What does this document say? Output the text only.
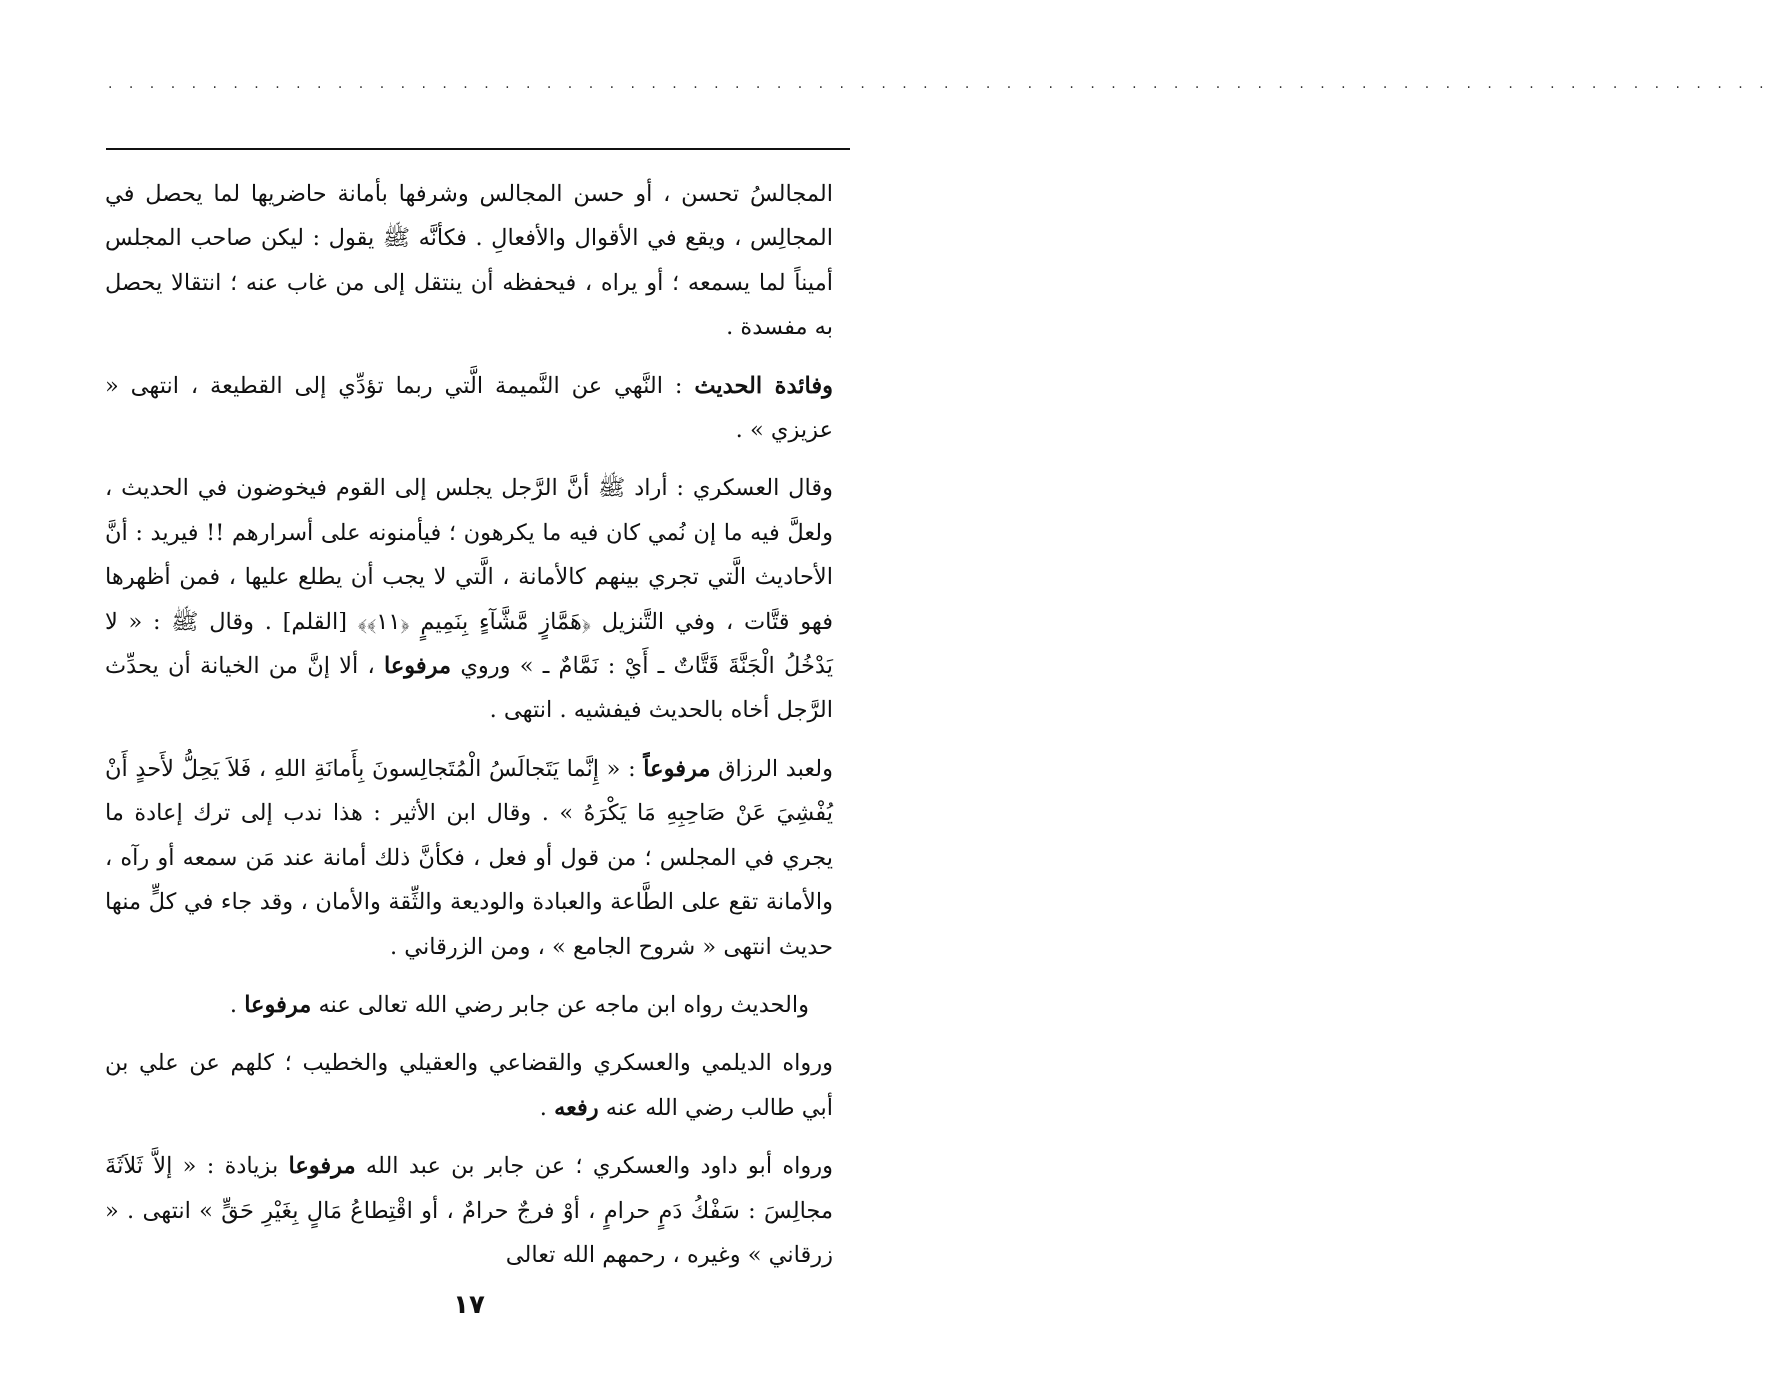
· · · · · · · · · · · · · · · · · · · · · · · · · · · · · · · · · · · · · · · · · · · · · · · · · · · · · · · · · · · · · · · · · · · · · · · · · · · · · · · ·

المجالسُ تحسن ، أو حسن المجالس وشرفها بأمانة حاضريها لما يحصل في المجالِس ، ويقع في الأقوال والأفعالِ . فكأنَّه ﷺ يقول : ليكن صاحب المجلس أميناً لما يسمعه ؛ أو يراه ، فيحفظه أن ينتقل إلى من غاب عنه ؛ انتقالا يحصل به مفسدة .

وفائدة الحديث : النَّهي عن النَّميمة الَّتي ربما تؤدِّي إلى القطيعة ، انتهى « عزيزي » .

وقال العسكري : أراد ﷺ أنَّ الرَّجل يجلس إلى القوم فيخوضون في الحديث ، ولعلَّ فيه ما إن نُمي كان فيه ما يكرهون ؛ فيأمنونه على أسرارهم !! فيريد : أنَّ الأحاديث الَّتي تجري بينهم كالأمانة ، الَّتي لا يجب أن يطلع عليها ، فمن أظهرها فهو قتَّات ، وفي التَّنزيل ﴿هَمَّازٍ مَّشَّآءٍ بِنَمِيمٍ ﴿١١﴾﴾ [القلم] . وقال ﷺ : « لا يَدْخُلُ الْجَنَّةَ قَتَّاتٌ ـ أَيْ : نَمَّامٌ ـ » وروي مرفوعا ، ألا إنَّ من الخيانة أن يحدِّث الرَّجل أخاه بالحديث فيفشيه . انتهى .

ولعبد الرزاق مرفوعاً : « إِنَّما يَتَجالَسُ الْمُتَجالِسونَ بِأَمانَةِ اللهِ ، فَلاَ يَحِلُّ لأَحدٍ أَنْ يُفْشِيَ عَنْ صَاحِبِهِ مَا يَكْرَهُ » . وقال ابن الأثير : هذا ندب إلى ترك إعادة ما يجري في المجلس ؛ من قول أو فعل ، فكأنَّ ذلك أمانة عند مَن سمعه أو رآه ، والأمانة تقع على الطَّاعة والعبادة والوديعة والثِّقة والأمان ، وقد جاء في كلٍّ منها حديث انتهى « شروح الجامع » ، ومن الزرقاني .

والحديث رواه ابن ماجه عن جابر رضي الله تعالى عنه مرفوعا .

ورواه الديلمي والعسكري والقضاعي والعقيلي والخطيب ؛ كلهم عن علي بن أبي طالب رضي الله عنه رفعه .

ورواه أبو داود والعسكري ؛ عن جابر بن عبد الله مرفوعا بزيادة : « إلاَّ ثَلاَثَةَ مجالِسَ : سَفْكُ دَمٍ حرامٍ ، أوْ فرجٌ حرامٌ ، أو اقْتِطاعُ مَالٍ بِغَيْرِ حَقٍّ » انتهى . « زرقاني » وغيره ، رحمهم الله تعالى

١٧
